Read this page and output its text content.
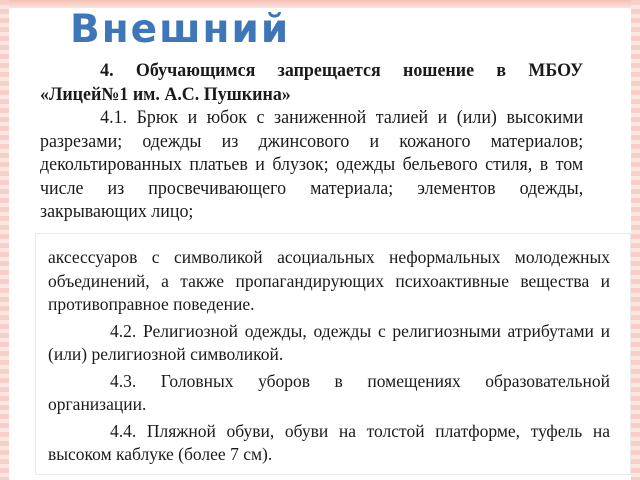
Внешний

4. Обучающимся запрещается ношение в МБОУ «Лицей№1 им. А.С. Пушкина»

4.1. Брюк и юбок с заниженной талией и (или) высокими разрезами; одежды из джинсового и кожаного материалов; декольтированных платьев и блузок; одежды бельевого стиля, в том числе из просвечивающего материала; элементов одежды, закрывающих лицо;

аксессуаров с символикой асоциальных неформальных молодежных объединений, а также пропагандирующих психоактивные вещества и противоправное поведение.

4.2. Религиозной одежды, одежды с религиозными атрибутами и (или) религиозной символикой.

4.3. Головных уборов в помещениях образовательной организации.

4.4. Пляжной обуви, обуви на толстой платформе, туфель на высоком каблуке (более 7 см).
